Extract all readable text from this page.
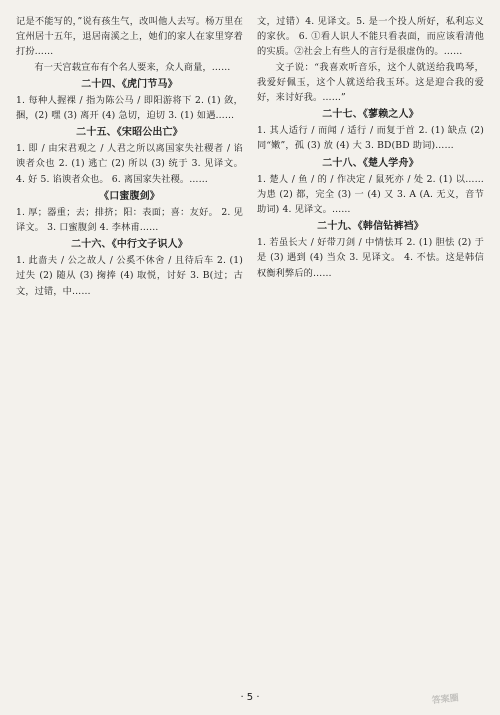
记是不能写的，”说有孩生气，改叫他人去写。杨万里在宜州居十五年，退居南溪之上，她们的家人在家里穿着打扮……

有一天宫载宣布有个名人要来，众人商量，……

二十四、《虎门节马》

1. 每种人握裸 / 指为陈公马 / 即阳游将下 2. (1) 敛，捆，(2) 嘿 (3) 离开 (4) 急切，迫切 3. (1) 如遇……

二十五、《宋昭公出亡》

1. 即 / 由宋君观之 / 人君之所以离国家失社稷者 / 谄谀者众也 2. (1) 逃亡 (2) 所以 (3) 统于 3. 见译文。 4. 好 5. 谄谀者众也。 6. 离国家失社稷。……

《口蜜腹剑》

1. 厚；器重；去；排挤；阳：表面；喜：友好。 2. 见译文。 3. 口蜜腹剑 4. 李林甫……

二十六、《中行文子识人》

1. 此啬夫 / 公之故人 / 公奚不休舍 / 且待后车 2. (1) 过失 (2) 随从 (3) 掬捧 (4) 取悦，讨好 3. B(过；古文，过错，中……

文，过错）4. 见译文。5. 是一个投人所好，私利忘义的家伙。 6. ①看人识人不能只看表面，而应该看清他的实质。②社会上有些人的言行是很虚伪的。……

文子说：“我喜欢听音乐，这个人就送给我鸣琴，我爱好佩玉，这个人就送给我玉环。这是迎合我的爱好，来讨好我。……”

二十七、《蓼赖之人》

1. 其人适行 / 而闻 / 适行 / 而复于首 2. (1) 缺点 (2) 同“嫩”，孤 (3) 放 (4) 大 3. BD(BD 助词)……

二十八、《楚人学舟》

1. 楚人 / 鱼 / 的 / 作决定 / 鼠死亦 / 处 2. (1) 以……为患 (2) 都，完全 (3) 一 (4) 又 3. A (A. 无义，音节助词) 4. 见译文。……

二十九、《韩信钻裤裆》

1. 若虽长大 / 好带刀剑 / 中情怯耳 2. (1) 胆怯 (2) 于是 (3) 遇到 (4) 当众 3. 见译文。 4. 不怯。这是韩信权衡利弊后的……

· 5 ·	答案圈
